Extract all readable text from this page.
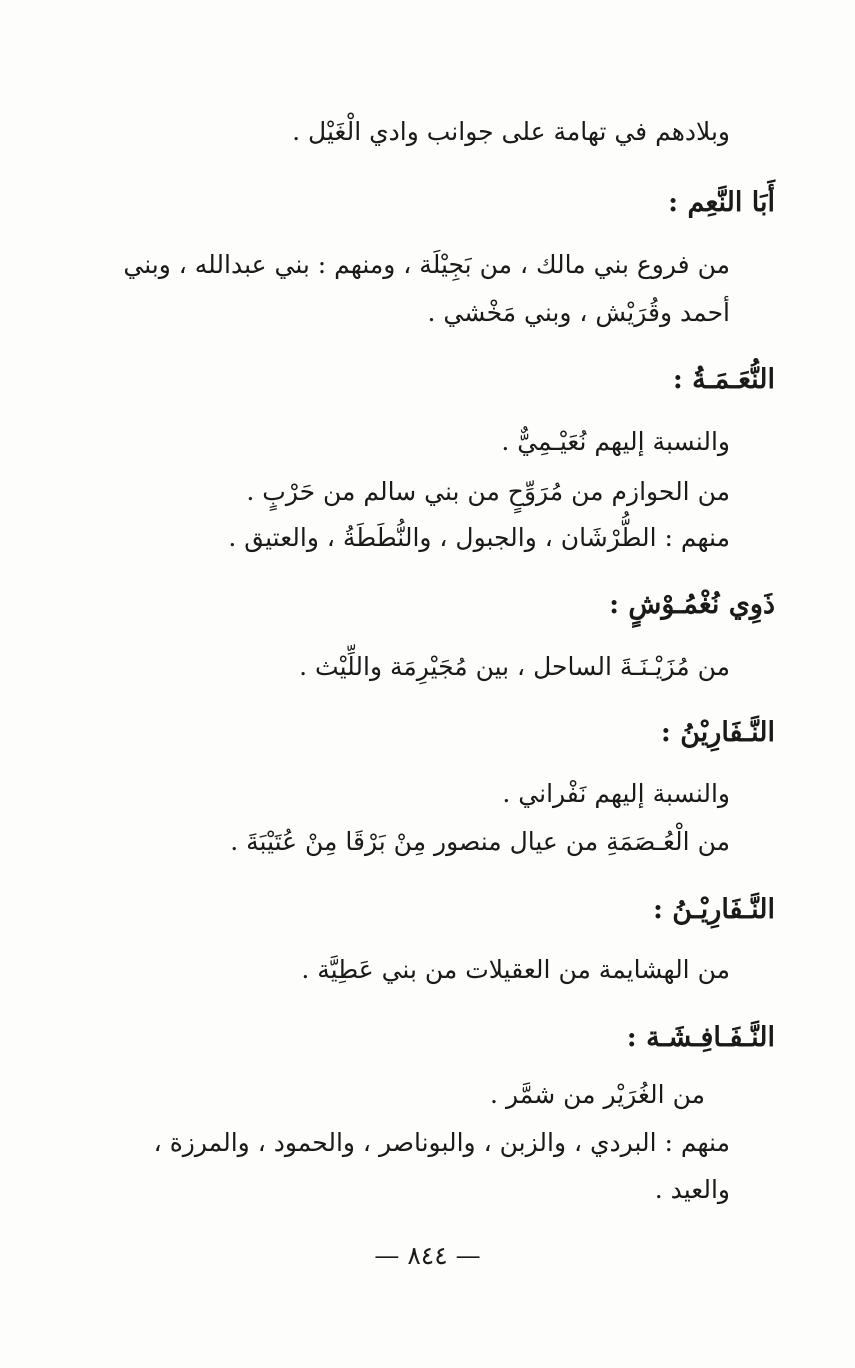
وبلادهم في تهامة على جوانب وادي الْغَيْل .
أَبَا النَّعِم :
من فروع بني مالك ، من بَجِيْلَة ، ومنهم : بني عبدالله ، وبني
أحمد وقُرَيْش ، وبني مَخْشي .
النُّعَـمَـةُ :
والنسبة إليهم نُعَيْـمِيٌّ .
من الحوازم من مُرَوِّحٍ من بني سالم من حَرْبٍ .
منهم : الطُّرْشَان ، والجبول ، والنُّطَطَةُ ، والعتيق .
ذَوِي نُغْمُـوْشٍ :
من مُزَيْـنَـةَ الساحل ، بين مُجَيْرِمَة واللِّيْث .
النَّـفَارِيْنُ :
والنسبة إليهم نَفْراني .
من الْعُـصَمَةِ من عيال منصور مِنْ بَرْقَا مِنْ عُتَيْبَةَ .
النَّـفَارِيْـنُ :
من الهشايمة من العقيلات من بني عَطِيَّة .
النَّـفَـافِـشَـة :
من الغُرَيْر من شمَّر .
منهم : البردي ، والزبن ، والبوناصر ، والحمود ، والمرزة ،
والعيد .
— ٨٤٤ —
